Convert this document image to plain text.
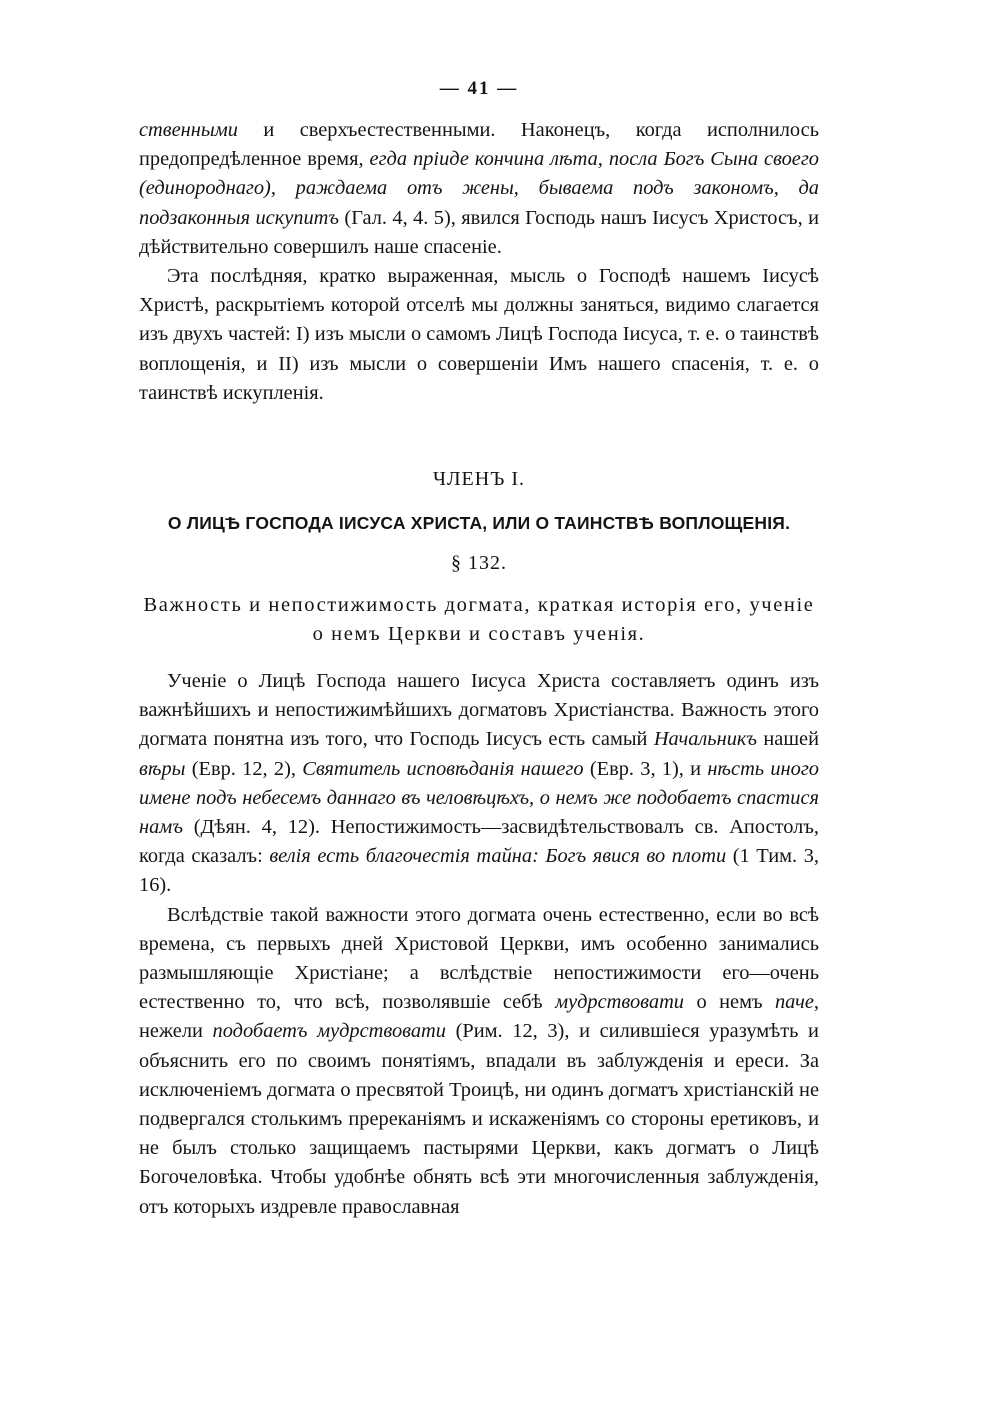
— 41 —

ственными и сверхъестественными. Наконецъ, когда исполнилось предопредѣленное время, егда пріиде кончина лѣта, посла Богъ Сына своего (единороднаго), раждаема отъ жены, бываема подъ закономъ, да подзаконныя искупитъ (Гал. 4, 4. 5), явился Господь нашъ Іисусъ Христосъ, и дѣйствительно совершилъ наше спасеніе.

Эта послѣдняя, кратко выраженная, мысль о Господѣ нашемъ Іисусѣ Христѣ, раскрытіемъ которой отселѣ мы должны заняться, видимо слагается изъ двухъ частей: I) изъ мысли о самомъ Лицѣ Господа Іисуса, т. е. о таинствѣ воплощенія, и II) изъ мысли о совершеніи Имъ нашего спасенія, т. е. о таинствѣ искупленія.

ЧЛЕНЪ I.
О ЛИЦѢ ГОСПОДА ІИСУСА ХРИСТА, ИЛИ О ТАИНСТВѢ ВОПЛОЩЕНІЯ.
§ 132.
Важность и непостижимость догмата, краткая исторія его, ученіе о немъ Церкви и составъ ученія.

Ученіе о Лицѣ Господа нашего Іисуса Христа составляетъ одинъ изъ важнѣйшихъ и непостижимѣйшихъ догматовъ Христіанства. Важность этого догмата понятна изъ того, что Господь Іисусъ есть самый Начальникъ нашей вѣры (Евр. 12, 2), Святитель исповѣданія нашего (Евр. 3, 1), и нѣсть иного имене подъ небесемъ даннаго въ человѣцѣхъ, о немъ же подобаетъ спастися намъ (Дѣян. 4, 12). Непостижимость—засвидѣтельствовалъ св. Апостолъ, когда сказалъ: велія есть благочестія тайна: Богъ явися во плоти (1 Тим. 3, 16).

Вслѣдствіе такой важности этого догмата очень естественно, если во всѣ времена, съ первыхъ дней Христовой Церкви, имъ особенно занимались размышляющіе Христіане; а вслѣдствіе непостижимости его—очень естественно то, что всѣ, позволявшіе себѣ мудрствовати о немъ паче, нежели подобаетъ мудрствовати (Рим. 12, 3), и силившіеся уразумѣть и объяснить его по своимъ понятіямъ, впадали въ заблужденія и ереси. За исключеніемъ догмата о пресвятой Троицѣ, ни одинъ догматъ христіанскій не подвергался столькимъ пререканіямъ и искаженіямъ со стороны еретиковъ, и не былъ столько защищаемъ пастырями Церкви, какъ догматъ о Лицѣ Богочеловѣка. Чтобы удобнѣе обнять всѣ эти многочисленныя заблужденія, отъ которыхъ издревле православная
